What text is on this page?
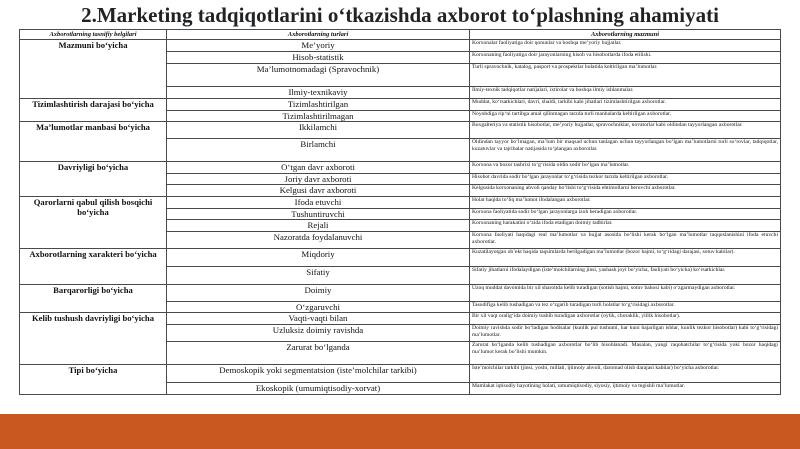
2.Marketing tadqiqotlarini o‘tkazishda axborot to‘plashning ahamiyati
Axborotlarning tasnifiy belgilari	Axborotlarning turlari	Axborotlarning mazmuni
Mazmuni bo‘yicha	Me’yoriy	Korxonalar faoliyatiga doir qonunlar va boshqa me’yoriy hujjatlar.
	Hisob-statistik	Korxonaning faoliyatiga doir jarayonlarning hisob va hisobotlarda ifoda etilishi.
	Ma’lumotnomadagi (Spravochnik)	Turli spravochnik, katalog, pasport va prospektlar holatida keltirilgan ma’lumotlar.
	Ilmiy-texnikaviy	Ilmiy-texnik tadqiqotlar natijalari, ixtirolar va boshqa ilmiy ishlanmalar.
Tizimlashtirish darajasi bo‘yicha	Tizimlashtirilgan	Muddat, ko‘rsatkichlari, davri, shaldi, tarkibi kabi jihatlari tizimlashtirilgan axborotlar.
	Tizimlashtirilmagan	Noyobdiga rip‘ni tartibga amal qilinmagan tarzda turli manbalarda keltirilgan axborotlar.
Ma’lumotlar manbasi bo‘yicha	Ikkilamchi	Buxgalteriya va statistik hisobotlar, me’yoriy hujjatlar, spravochniklar, novatorlar kabi oldindan tayyorlangan axborotlar.
	Birlamchi	Oldindan tayyor bo‘lmagan, ma’lum bir maqsad uchun tanlagan uchun tayyorlangan bo‘lgan ma’lumotlarni turli so‘rovlar, tadqiqotlar, kuzatuvlar va tajribalar natijasida to‘plangan axborotlar.
Davriyligi bo‘yicha	O‘tgan davr axboroti	Korxona va bozor tashrixi to‘g‘risida oldin sodir bo‘lgan ma’lumotlar.
	Joriy davr axboroti	Hisobot davrida sodir bo‘lgan jarayonlar to‘g‘risida tezkor tarzda keltirilgan axborotlar.
	Kelgusi davr axboroti	Kelgusida korxonaning ahvoli qanday bo‘lishi to‘g‘risida ehtimollarni beruvchi axborotlar.
Qarorlarni qabul qilish bosqichi bo‘yicha	Ifoda etuvchi	Holat haqida to‘liq ma’lumot ifodalangan axborotlar.
	Tushuntiruvchi	Korxona faoliyatida sodir bo‘lgan jarayonlarga izoh beradigan axborotlar.
	Rejali	Korxonaning harakatini o‘zida ifoda etadigan doimiy tadbirlar.
	Nazoratda foydalanuvchi	Korxona faoliyati haqidagi real ma’lumotlar va hujjat asosida bo‘lishi kerak bo‘lgan ma’lumotlar taqqoslanishini ifoda etuvchi axborotlar.
Axborotlarning xarakteri bo‘yicha	Miqdoriy	Kuzatilayotgan ob’ekt haqida taqsimlarda berilgadigan ma’lumotlar (bozor hajmi, to‘g‘ridagi darajasi, sotuv kabilar).
	Sifatiy	Sifatiy jihatlarni ifodalaydigan (iste’molchilarning jinsi, yashash joyi bo‘yicha, faoliyati bo‘yicha) ko‘rsatkichlar.
Barqarorligi bo‘yicha	Doimiy	Uzoq muddat davomida bir xil sharoitda kelib turadigan (sotish hajmi, sotuv bahosi kabi) o‘zgarmaydigan axborotlar.
	O‘zgaruvchi	Tasodifiga kelib tushadigan va tez o‘zgarib turadigan turli holatlar to‘g‘risidagi axborotlar.
Kelib tushush davriyligi bo‘yicha	Vaqti-vaqti bilan	Bir xil vaqt oralig‘ida doimiy tushib turadigan axborotlar (oylik, choraklik, yillik hisobotlar).
	Uzluksiz doimiy ravishda	Doimiy ravishda sodir bo‘ladigan hodisalar (kunlik pul tushumi, har kuni bajarilgan ishlar, kunlik tezkor hisobotlar) kabi to‘g‘risidagi ma’lumotlar.
	Zarurat bo‘lganda	Zarurat bo‘lganda kelib tushadigan axborotlar bo‘lib hisoblanadi. Masalan, yangi raqobatchilar to‘g‘risida yoki bozor haqidagi ma’lumot kerak bo‘lishi mumkin.
Tipi bo‘yicha	Demoskopik yoki segmentatsion (iste’molchilar tarkibi)	Iste’molchilar tarkibi (jinsi, yoshi, millati, ijtimoiy ahvoli, daromad olish darajasi kabilar) bo‘yicha axborotlar.
	Ekoskopik (umumiqtisodiy-xorvat)	Mamlakat iqtisodiy hayotining holati, umumiqtisodiy, siyosiy, ijtimoiy va tegishli ma’lumotlar.
